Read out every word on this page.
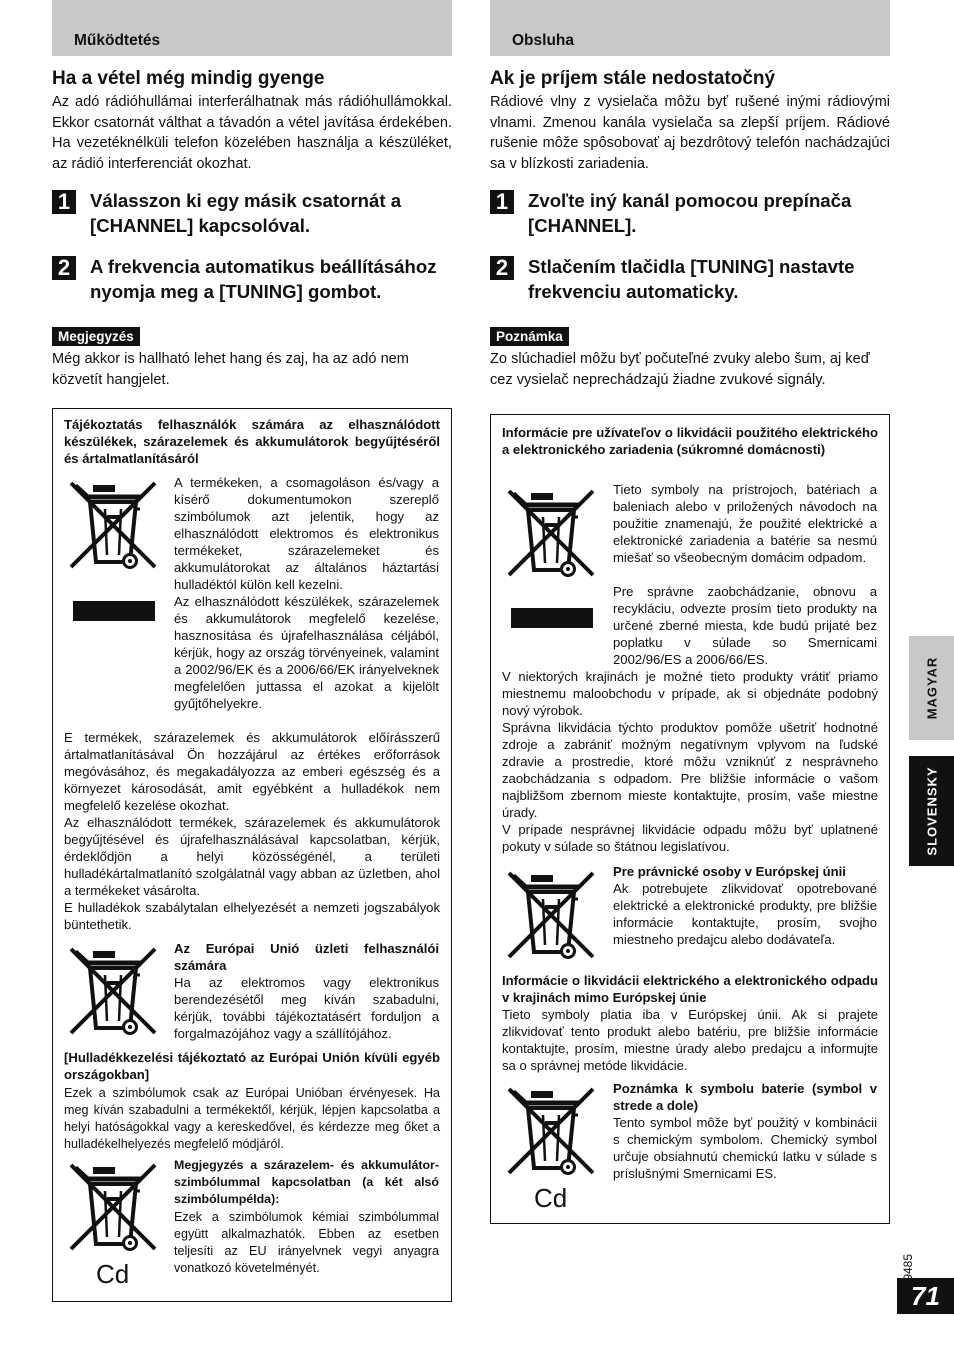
Működtetés
Ha a vétel még mindig gyenge
Az adó rádióhullámai interferálhatnak más rádióhullámokkal. Ekkor csatornát válthat a távadón a vétel javítása érdekében. Ha vezetéknélküli telefon közelében használja a készüléket, az rádió interferenciát okozhat.
1	Válasszon ki egy másik csatornát a [CHANNEL] kapcsolóval.
2	A frekvencia automatikus beállításához nyomja meg a [TUNING] gombot.
Megjegyzés
Még akkor is hallható lehet hang és zaj, ha az adó nem közvetít hangjelet.
Tájékoztatás felhasználók számára az elhasználódott készülékek, szárazelemek és akkumulátorok begyűjtéséről és ártalmatlanításáról
A termékeken, a csomagoláson és/vagy a kísérő dokumentumokon szereplő szimbólumok azt jelentik, hogy az elhasználódott elektromos és elektronikus termékeket, szárazelemeket és akkumulátorokat az általános háztartási hulladéktól külön kell kezelni.
Az elhasználódott készülékek, szárazelemek és akkumulátorok megfelelő kezelése, hasznosítása és újrafelhasználása céljából, kérjük, hogy az ország törvényeinek, valamint a 2002/96/EK és a 2006/66/EK irányelveknek megfelelően juttassa el azokat a kijelölt gyűjtőhelyekre.
E termékek, szárazelemek és akkumulátorok előírásszerű ártalmatlanításával Ön hozzájárul az értékes erőforrások megóvásához, és megakadályozza az emberi egészség és a környezet károsodását, amit egyébként a hulladékok nem megfelelő kezelése okozhat.
Az elhasználódott termékek, szárazelemek és akkumulátorok begyűjtésével és újrafelhasználásával kapcsolatban, kérjük, érdeklődjön a helyi közösségénél, a területi hulladékártalmatlanító szolgálatnál vagy abban az üzletben, ahol a termékeket vásárolta.
E hulladékok szabálytalan elhelyezését a nemzeti jogszabályok büntethetik.
Az Európai Unió üzleti felhasználói számára
Ha az elektromos vagy elektronikus berendezésétől meg kíván szabadulni, kérjük, további tájékoztatásért forduljon a forgalmazójához vagy a szállítójához.
[Hulladékkezelési tájékoztató az Európai Unión kívüli egyéb országokban]
Ezek a szimbólumok csak az Európai Unióban érvényesek. Ha meg kíván szabadulni a termékektől, kérjük, lépjen kapcsolatba a helyi hatóságokkal vagy a kereskedővel, és kérdezze meg őket a hulladékelhelyezés megfelelő módjáról.
Cd
Megjegyzés a szárazelem- és akkumulátor-szimbólummal kapcsolatban (a két alsó szimbólumpélda):
Ezek a szimbólumok kémiai szimbólummal együtt alkalmazhatók. Ebben az esetben teljesíti az EU irányelvnek vegyi anyagra vonatkozó követelményét.
Obsluha
Ak je príjem stále nedostatočný
Rádiové vlny z vysielača môžu byť rušené inými rádiovými vlnami. Zmenou kanála vysielača sa zlepší príjem. Rádiové rušenie môže spôsobovať aj bezdrôtový telefón nachádzajúci sa v blízkosti zariadenia.
1	Zvoľte iný kanál pomocou prepínača [CHANNEL].
2	Stlačením tlačidla [TUNING] nastavte frekvenciu automaticky.
Poznámka
Zo slúchadiel môžu byť počuteľné zvuky alebo šum, aj keď cez vysielač neprechádzajú žiadne zvukové signály.
Informácie pre užívateľov o likvidácii použitého elektrického a elektronického zariadenia (súkromné domácnosti)
Tieto symboly na prístrojoch, batériach a baleniach alebo v priložených návodoch na použitie znamenajú, že použité elektrické a elektronické zariadenia a batérie sa nesmú miešať so všeobecným domácim odpadom.
Pre správne zaobchádzanie, obnovu a recykláciu, odvezte prosím tieto produkty na určené zberné miesta, kde budú prijaté bez poplatku v súlade so Smernicami 2002/96/ES a 2006/66/ES.
V niektorých krajinách je možné tieto produkty vrátiť priamo miestnemu maloobchodu v prípade, ak si objednáte podobný nový výrobok.
Správna likvidácia týchto produktov pomôže ušetriť hodnotné zdroje a zabrániť možným negatívnym vplyvom na ľudské zdravie a prostredie, ktoré môžu vzniknúť z nesprávneho zaobchádzania s odpadom. Pre bližšie informácie o vašom najbližšom zbernom mieste kontaktujte, prosím, vaše miestne úrady.
V prípade nesprávnej likvidácie odpadu môžu byť uplatnené pokuty v súlade so štátnou legislatívou.
Pre právnické osoby v Európskej únii
Ak potrebujete zlikvidovať opotrebované elektrické a elektronické produkty, pre bližšie informácie kontaktujte, prosím, svojho miestneho predajcu alebo dodávateľa.
Informácie o likvidácii elektrického a elektronického odpadu v krajinách mimo Európskej únie
Tieto symboly platia iba v Európskej únii. Ak si prajete zlikvidovať tento produkt alebo batériu, pre bližšie informácie kontaktujte, prosím, miestne úrady alebo predajcu a informujte sa o správnej metóde likvidácie.
Cd
Poznámka k symbolu baterie (symbol v strede a dole)
Tento symbol môže byť použitý v kombinácii s chemickým symbolom. Chemický symbol určuje obsiahnutú chemickú latku v súlade s príslušnými Smernicami ES.
MAGYAR
SLOVENSKY
71
